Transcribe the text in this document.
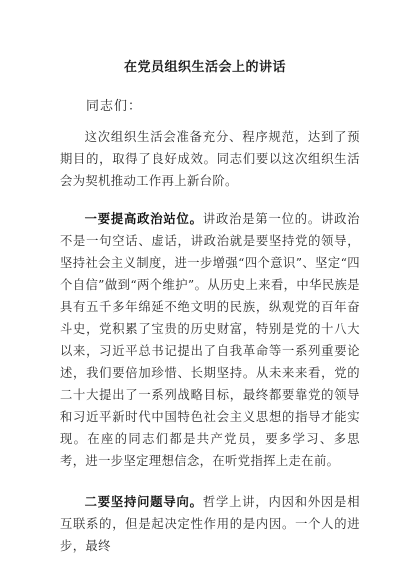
在党员组织生活会上的讲话
同志们：
这次组织生活会准备充分、程序规范，达到了预期目的，取得了良好成效。同志们要以这次组织生活会为契机推动工作再上新台阶。
一要提高政治站位。讲政治是第一位的。讲政治不是一句空话、虚话，讲政治就是要坚持党的领导，坚持社会主义制度，进一步增强“四个意识”、坚定“四个自信”做到“两个维护”。从历史上来看，中华民族是具有五千多年绵延不绝文明的民族，纵观党的百年奋斗史，党积累了宝贵的历史财富，特别是党的十八大以来，习近平总书记提出了自我革命等一系列重要论述，我们要倍加珍惜、长期坚持。从未来来看，党的二十大提出了一系列战略目标，最终都要靠党的领导和习近平新时代中国特色社会主义思想的指导才能实现。在座的同志们都是共产党员，要多学习、多思考，进一步坚定理想信念，在听党指挥上走在前。
二要坚持问题导向。哲学上讲，内因和外因是相互联系的，但是起决定性作用的是内因。一个人的进步，最终
